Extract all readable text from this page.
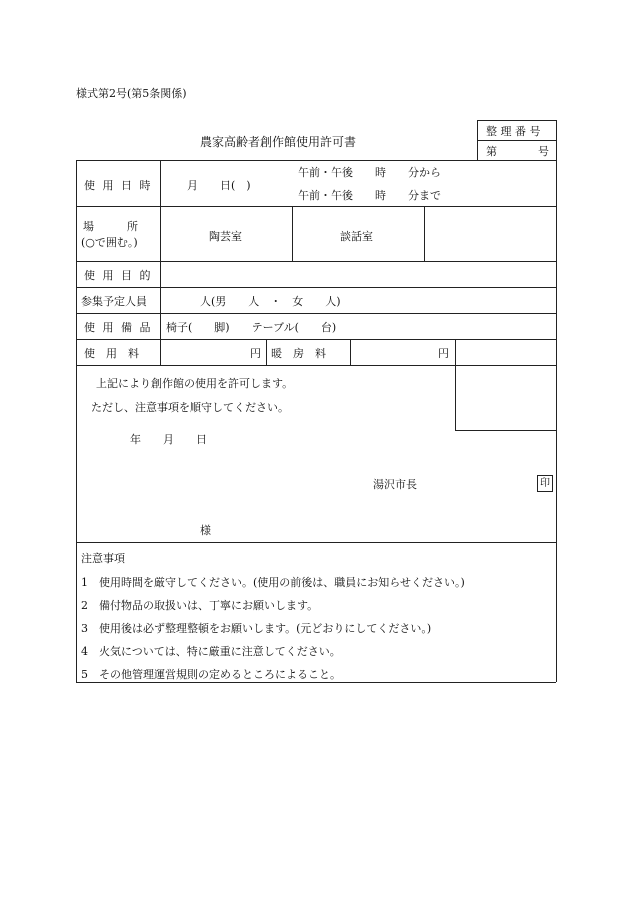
様式第2号(第5条関係)
農家高齢者創作館使用許可書
整 理 番 号
第	号
使 用 日 時	月　　日(　)
午前・午後　　時　　分から
午前・午後　　時　　分まで
場　　　所
(○で囲む。)	陶芸室	談話室
使 用 目 的
参集予定人員	人(男　　人　・　女　　人)
使 用 備 品 椅子(　　脚)　　テーブル(　　台)
使　用　料	円 暖　房　料	円
上記により創作館の使用を許可します。
ただし、注意事項を順守してください。
年　　月　　日
湯沢市長	印
様
注意事項
1　使用時間を厳守してください。(使用の前後は、職員にお知らせください。)
2　備付物品の取扱いは、丁寧にお願いします。
3　使用後は必ず整理整頓をお願いします。(元どおりにしてください。)
4　火気については、特に厳重に注意してください。
5　その他管理運営規則の定めるところによること。
